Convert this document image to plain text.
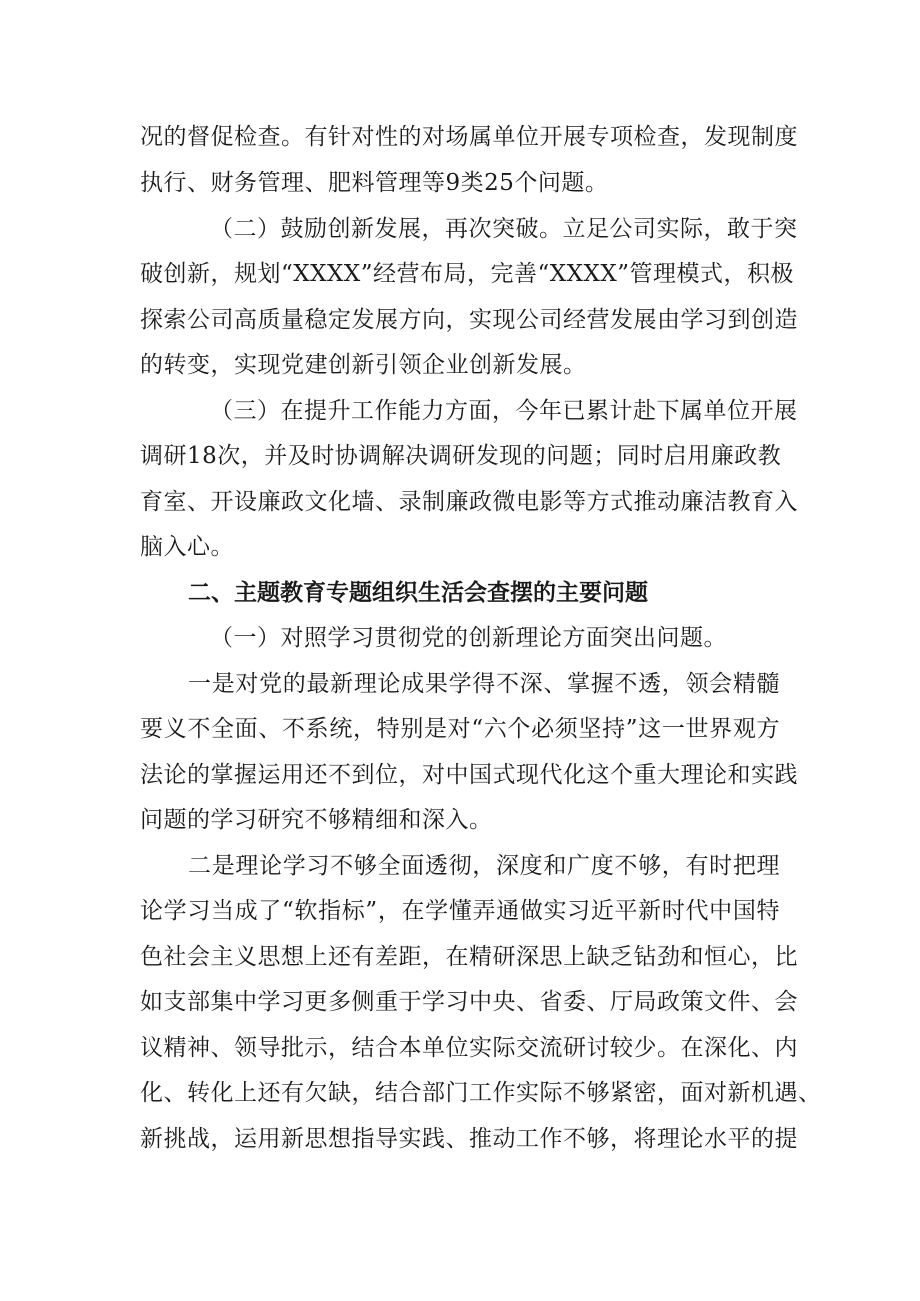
况的督促检查。有针对性的对场属单位开展专项检查，发现制度
执行、财务管理、肥料管理等9类25个问题。
（二）鼓励创新发展，再次突破。立足公司实际，敢于突
破创新，规划“XXXX”经营布局，完善“XXXX”管理模式，积极
探索公司高质量稳定发展方向，实现公司经营发展由学习到创造
的转变，实现党建创新引领企业创新发展。
（三）在提升工作能力方面，今年已累计赴下属单位开展
调研18次，并及时协调解决调研发现的问题；同时启用廉政教
育室、开设廉政文化墙、录制廉政微电影等方式推动廉洁教育入
脑入心。
二、主题教育专题组织生活会查摆的主要问题
（一）对照学习贯彻党的创新理论方面突出问题。
一是对党的最新理论成果学得不深、掌握不透，领会精髓
要义不全面、不系统，特别是对“六个必须坚持”这一世界观方
法论的掌握运用还不到位，对中国式现代化这个重大理论和实践
问题的学习研究不够精细和深入。
二是理论学习不够全面透彻，深度和广度不够，有时把理
论学习当成了“软指标”，在学懂弄通做实习近平新时代中国特
色社会主义思想上还有差距，在精研深思上缺乏钻劲和恒心，比
如支部集中学习更多侧重于学习中央、省委、厅局政策文件、会
议精神、领导批示，结合本单位实际交流研讨较少。在深化、内
化、转化上还有欠缺，结合部门工作实际不够紧密，面对新机遇、
新挑战，运用新思想指导实践、推动工作不够，将理论水平的提
